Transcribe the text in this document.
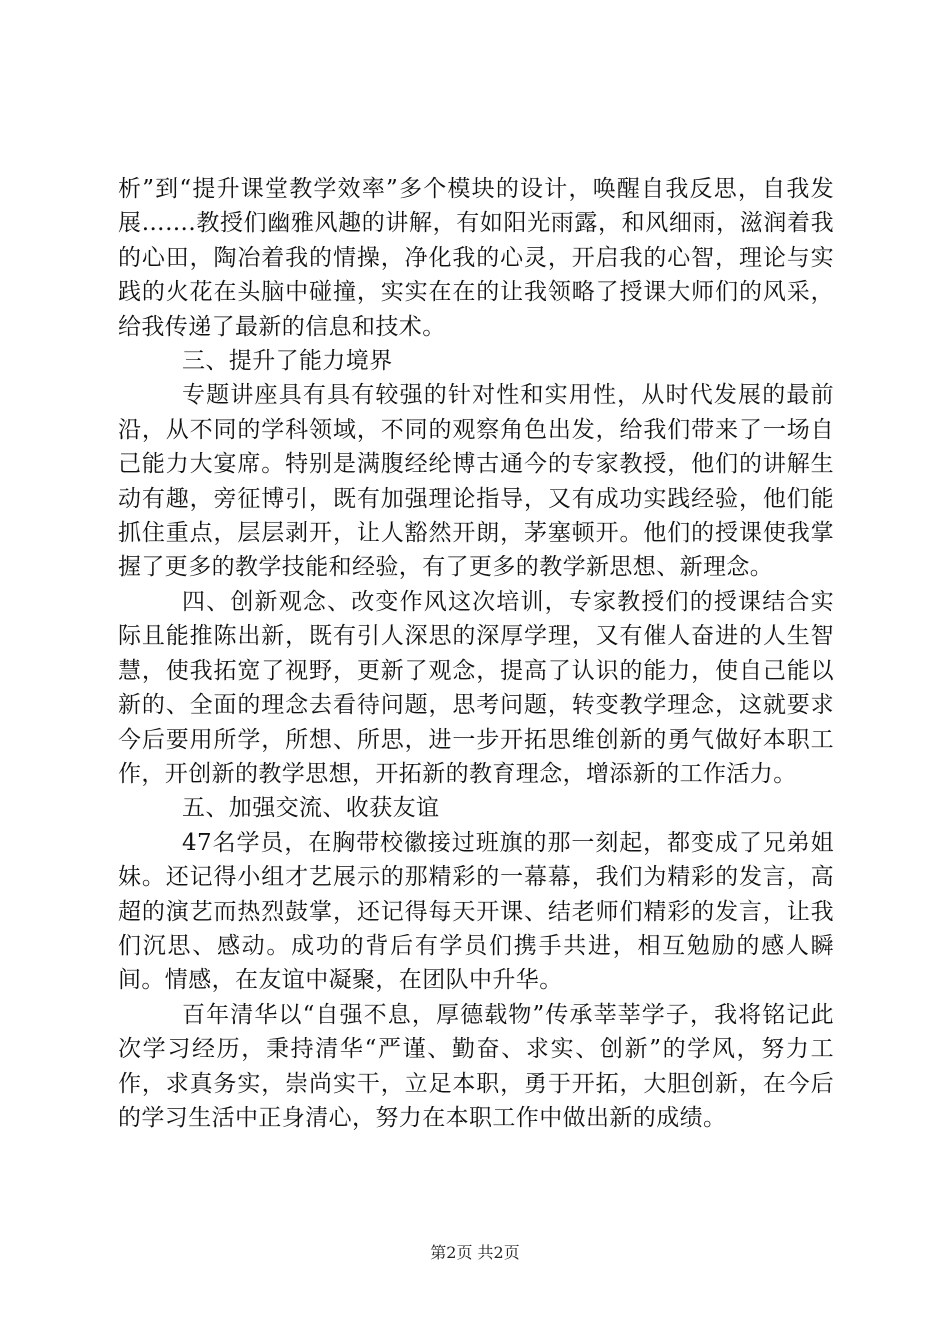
析”到“提升课堂教学效率”多个模块的设计，唤醒自我反思，自我发展…….教授们幽雅风趣的讲解，有如阳光雨露，和风细雨，滋润着我的心田，陶冶着我的情操，净化我的心灵，开启我的心智，理论与实践的火花在头脑中碰撞，实实在在的让我领略了授课大师们的风采，给我传递了最新的信息和技术。

三、提升了能力境界

专题讲座具有具有较强的针对性和实用性，从时代发展的最前沿，从不同的学科领域，不同的观察角色出发，给我们带来了一场自己能力大宴席。特别是满腹经纶博古通今的专家教授，他们的讲解生动有趣，旁征博引，既有加强理论指导，又有成功实践经验，他们能抓住重点，层层剥开，让人豁然开朗，茅塞顿开。他们的授课使我掌握了更多的教学技能和经验，有了更多的教学新思想、新理念。

四、创新观念、改变作风这次培训，专家教授们的授课结合实际且能推陈出新，既有引人深思的深厚学理，又有催人奋进的人生智慧，使我拓宽了视野，更新了观念，提高了认识的能力，使自己能以新的、全面的理念去看待问题，思考问题，转变教学理念，这就要求今后要用所学，所想、所思，进一步开拓思维创新的勇气做好本职工作，开创新的教学思想，开拓新的教育理念，增添新的工作活力。

五、加强交流、收获友谊

47名学员，在胸带校徽接过班旗的那一刻起，都变成了兄弟姐妹。还记得小组才艺展示的那精彩的一幕幕，我们为精彩的发言，高超的演艺而热烈鼓掌，还记得每天开课、结老师们精彩的发言，让我们沉思、感动。成功的背后有学员们携手共进，相互勉励的感人瞬间。情感，在友谊中凝聚，在团队中升华。

百年清华以“自强不息，厚德载物”传承莘莘学子，我将铭记此次学习经历，秉持清华“严谨、勤奋、求实、创新”的学风，努力工作，求真务实，崇尚实干，立足本职，勇于开拓，大胆创新，在今后的学习生活中正身清心，努力在本职工作中做出新的成绩。

第2页 共2页
